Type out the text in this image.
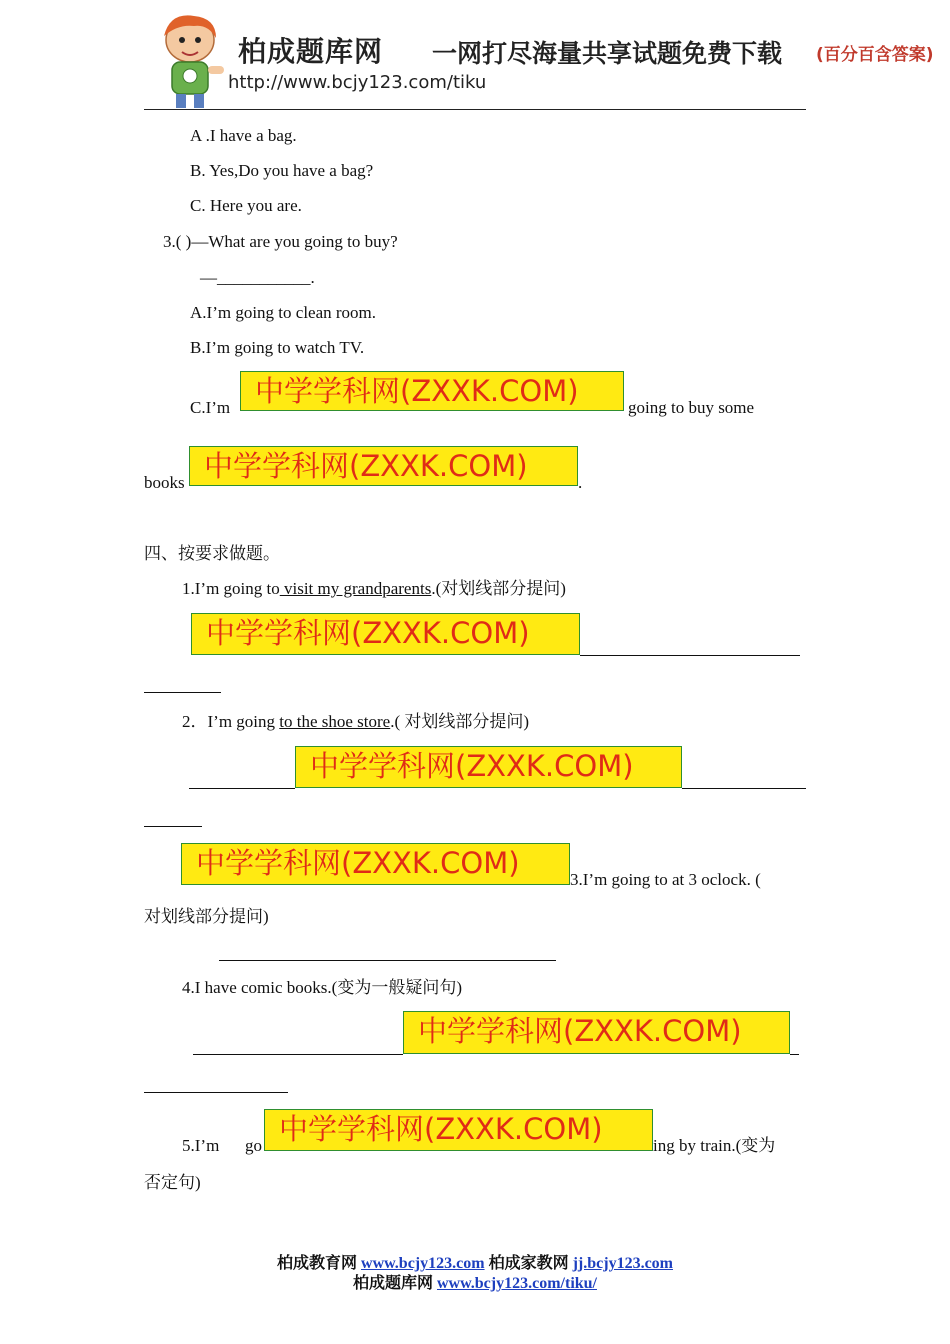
柏成题库网 一网打尽海量共享试题免费下载 (百分百含答案)
http://www.bcjy123.com/tiku
A .I have a bag.
B. Yes,Do you have a bag?
C. Here you are.
3.( )—What are you going to buy?
—___________.
A.I’m going to clean room.
B.I’m going to watch TV.
C.I’m 中学学科网(ZXXK.COM)	going to buy some
books 中学学科网(ZXXK.COM)	.
四、按要求做题。
1.I’m going to visit my grandparents.(对划线部分提问)
中学学科网(ZXXK.COM)
2．I’m going to the shoe store.( 对划线部分提问)
中学学科网(ZXXK.COM)
中学学科网(ZXXK.COM)	3.I’m going to at 3 oclock. (
对划线部分提问)
4.I have comic books.(变为一般疑问句)
中学学科网(ZXXK.COM)
5.I’m go 中学学科网(ZXXK.COM)	ing by train.(变为
否定句)
柏成教育网 www.bcjy123.com 柏成家教网 jj.bcjy123.com
柏成题库网 www.bcjy123.com/tiku/
